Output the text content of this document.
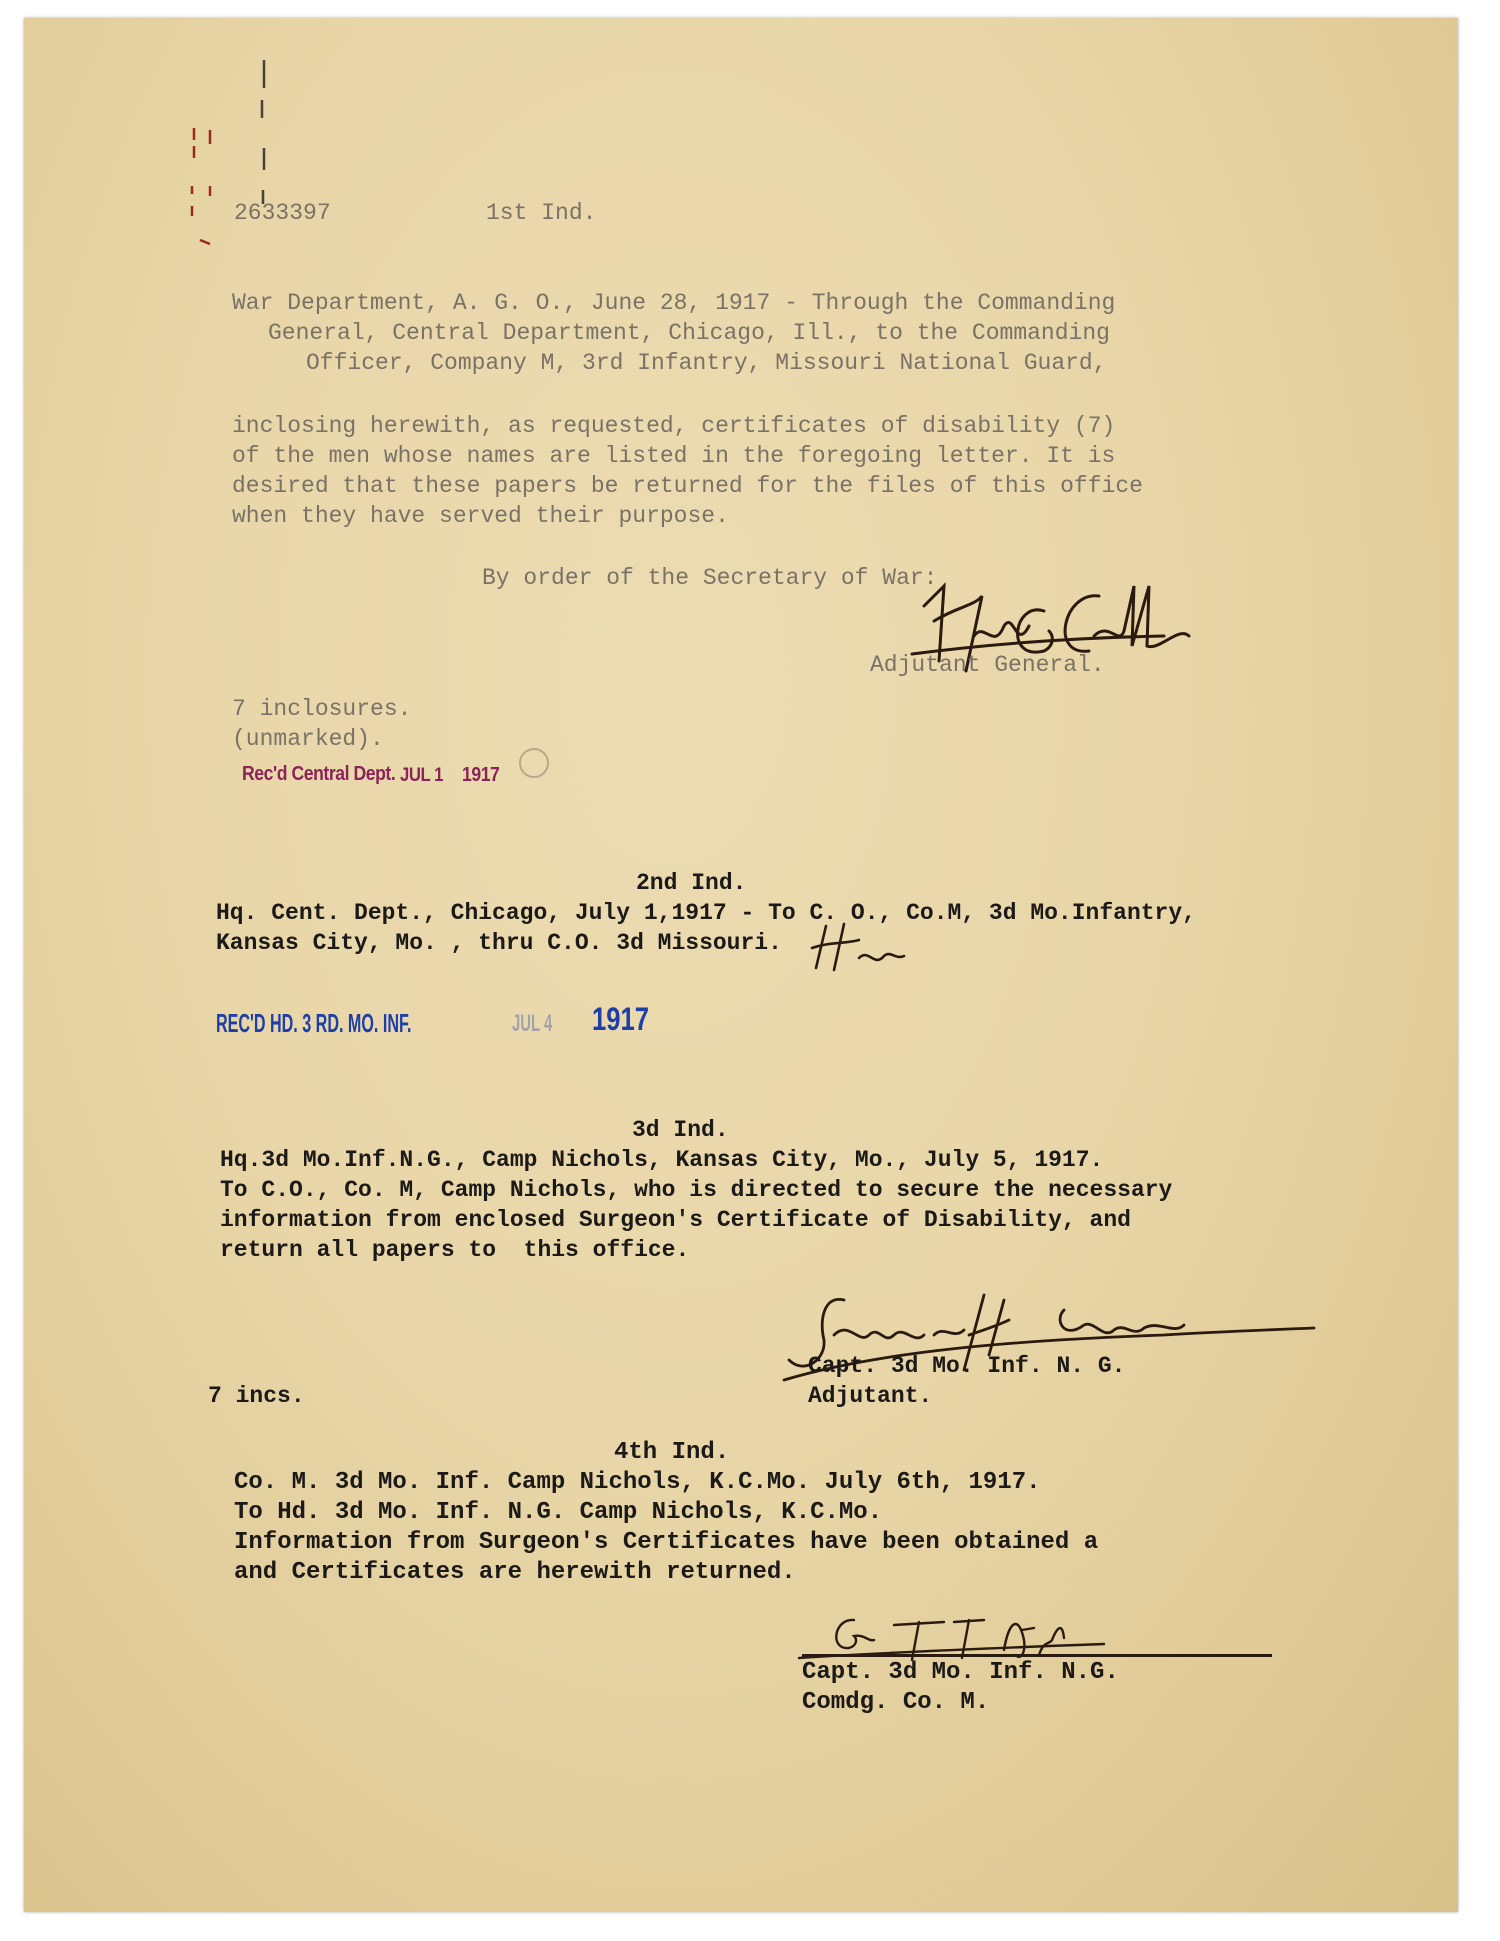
2633397	1st Ind.
War Department, A. G. O., June 28, 1917 - Through the Commanding
General, Central Department, Chicago, Ill., to the Commanding
Officer, Company M, 3rd Infantry, Missouri National Guard,
inclosing herewith, as requested, certificates of disability (7)
of the men whose names are listed in the foregoing letter. It is
desired that these papers be returned for the files of this office
when they have served their purpose.
By order of the Secretary of War:
Adjutant General.
7 inclosures.
(unmarked).
Rec'd Central Dept. JUL 1 1917
2nd Ind.
Hq. Cent. Dept., Chicago, July 1,1917 - To C. O., Co.M, 3d Mo.Infantry,
Kansas City, Mo. , thru C.O. 3d Missouri.
REC'D HD. 3 RD. MO. INF.	JUL 4 1917
3d Ind.
Hq.3d Mo.Inf.N.G., Camp Nichols, Kansas City, Mo., July 5, 1917.
To C.O., Co. M, Camp Nichols, who is directed to secure the necessary
information from enclosed Surgeon's Certificate of Disability, and
return all papers to  this office.
7 incs.
Capt. 3d Mo. Inf. N. G.
Adjutant.
4th Ind.
Co. M. 3d Mo. Inf. Camp Nichols, K.C.Mo. July 6th, 1917.
To Hd. 3d Mo. Inf. N.G. Camp Nichols, K.C.Mo.
Information from Surgeon's Certificates have been obtained a
and Certificates are herewith returned.
Capt. 3d Mo. Inf. N.G.
Comdg. Co. M.
